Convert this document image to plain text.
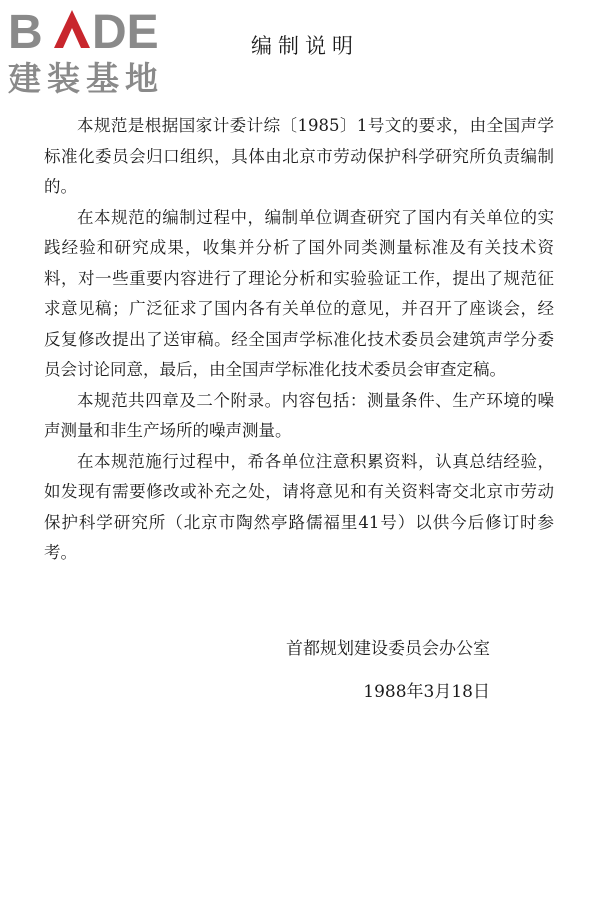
B DE
建装基地
编制说明

本规范是根据国家计委计综〔1985〕1号文的要求，由全国声学标准化委员会归口组织，具体由北京市劳动保护科学研究所负责编制的。

在本规范的编制过程中，编制单位调查研究了国内有关单位的实践经验和研究成果，收集并分析了国外同类测量标准及有关技术资料，对一些重要内容进行了理论分析和实验验证工作，提出了规范征求意见稿；广泛征求了国内各有关单位的意见，并召开了座谈会，经反复修改提出了送审稿。经全国声学标准化技术委员会建筑声学分委员会讨论同意，最后，由全国声学标准化技术委员会审查定稿。

本规范共四章及二个附录。内容包括：测量条件、生产环境的噪声测量和非生产场所的噪声测量。

在本规范施行过程中，希各单位注意积累资料，认真总结经验，如发现有需要修改或补充之处，请将意见和有关资料寄交北京市劳动保护科学研究所（北京市陶然亭路儒福里41号）以供今后修订时参考。

首都规划建设委员会办公室
1988年3月18日
